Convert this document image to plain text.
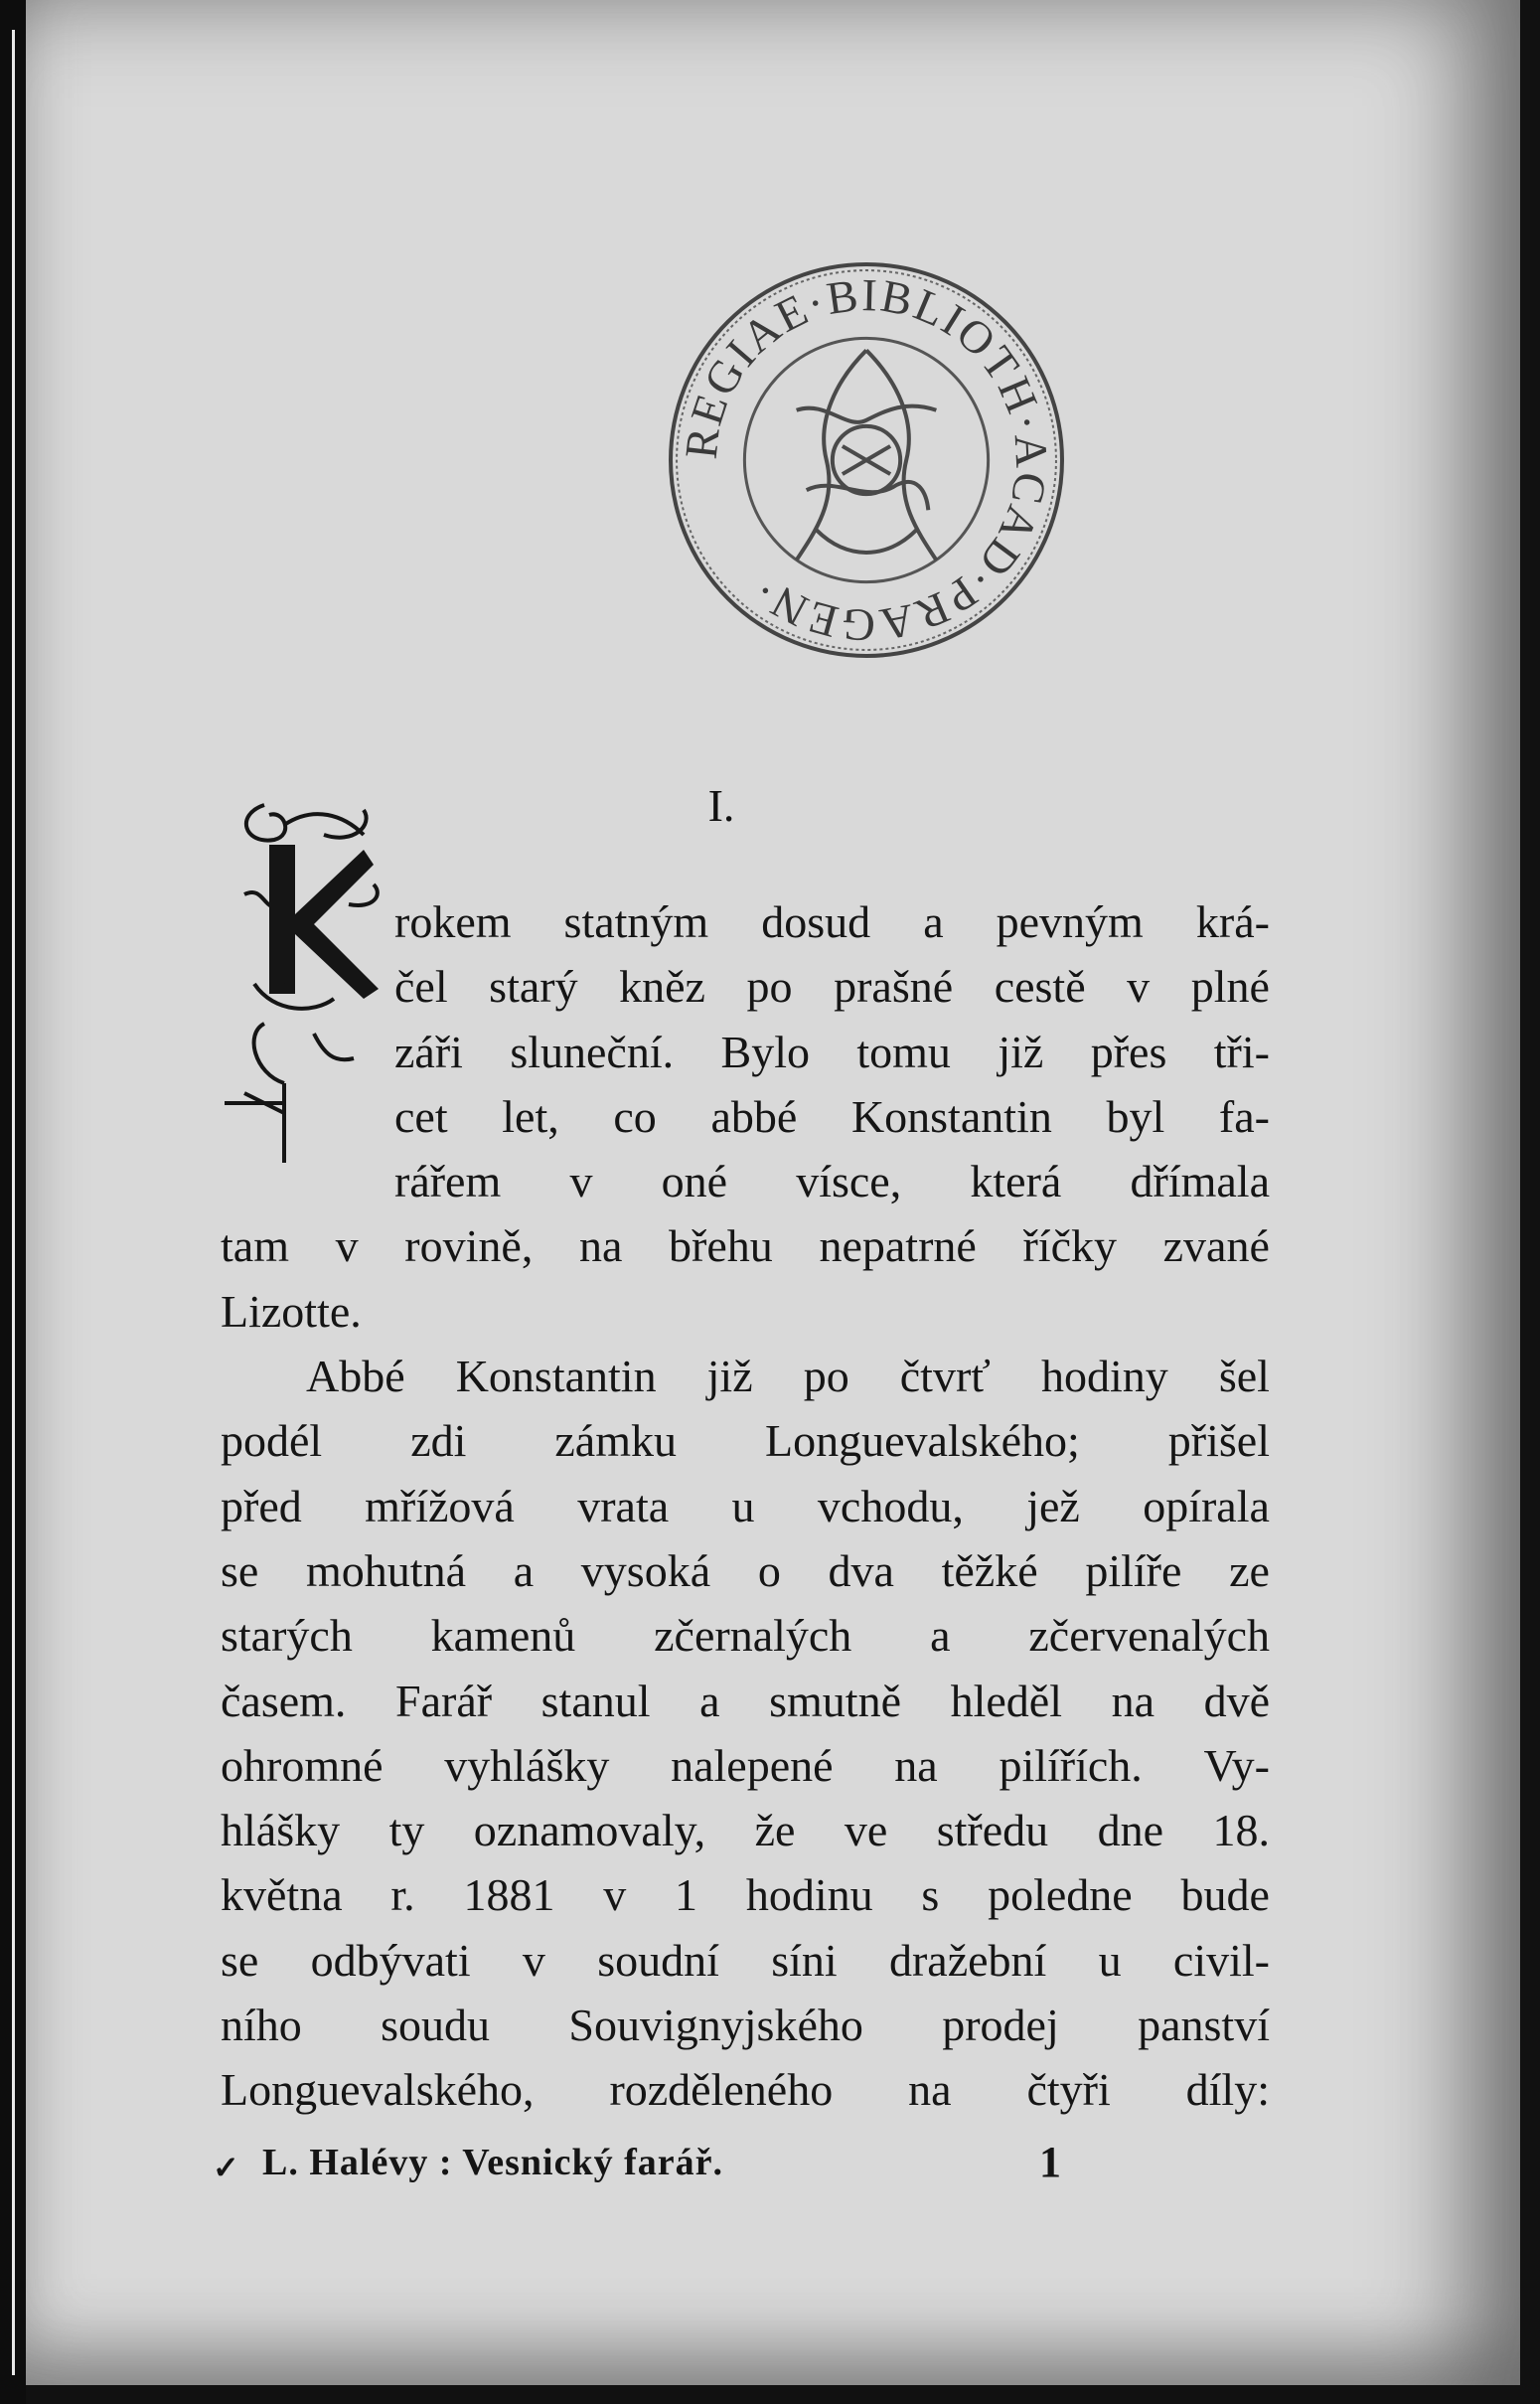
REGIAE·BIBLIOTH·ACAD·PRAGEN·
I.
K
rokem statným dosud a pevným krá-
čel starý kněz po prašné cestě v plné
záři sluneční. Bylo tomu již přes tři-
cet let, co abbé Konstantin byl fa-
rářem v oné vísce, která dřímala
tam v rovině, na břehu nepatrné říčky zvané
Lizotte.
Abbé Konstantin již po čtvrť hodiny šel
podél zdi zámku Longuevalského; přišel
před mřížová vrata u vchodu, jež opírala
se mohutná a vysoká o dva těžké pilíře ze
starých kamenů zčernalých a zčervenalých
časem. Farář stanul a smutně hleděl na dvě
ohromné vyhlášky nalepené na pilířích. Vy-
hlášky ty oznamovaly, že ve středu dne 18.
května r. 1881 v 1 hodinu s poledne bude
se odbývati v soudní síni dražební u civil-
ního soudu Souvignyjského prodej panství
Longuevalského, rozděleného na čtyři díly:
✓ L. Halévy : Vesnický farář.	1
